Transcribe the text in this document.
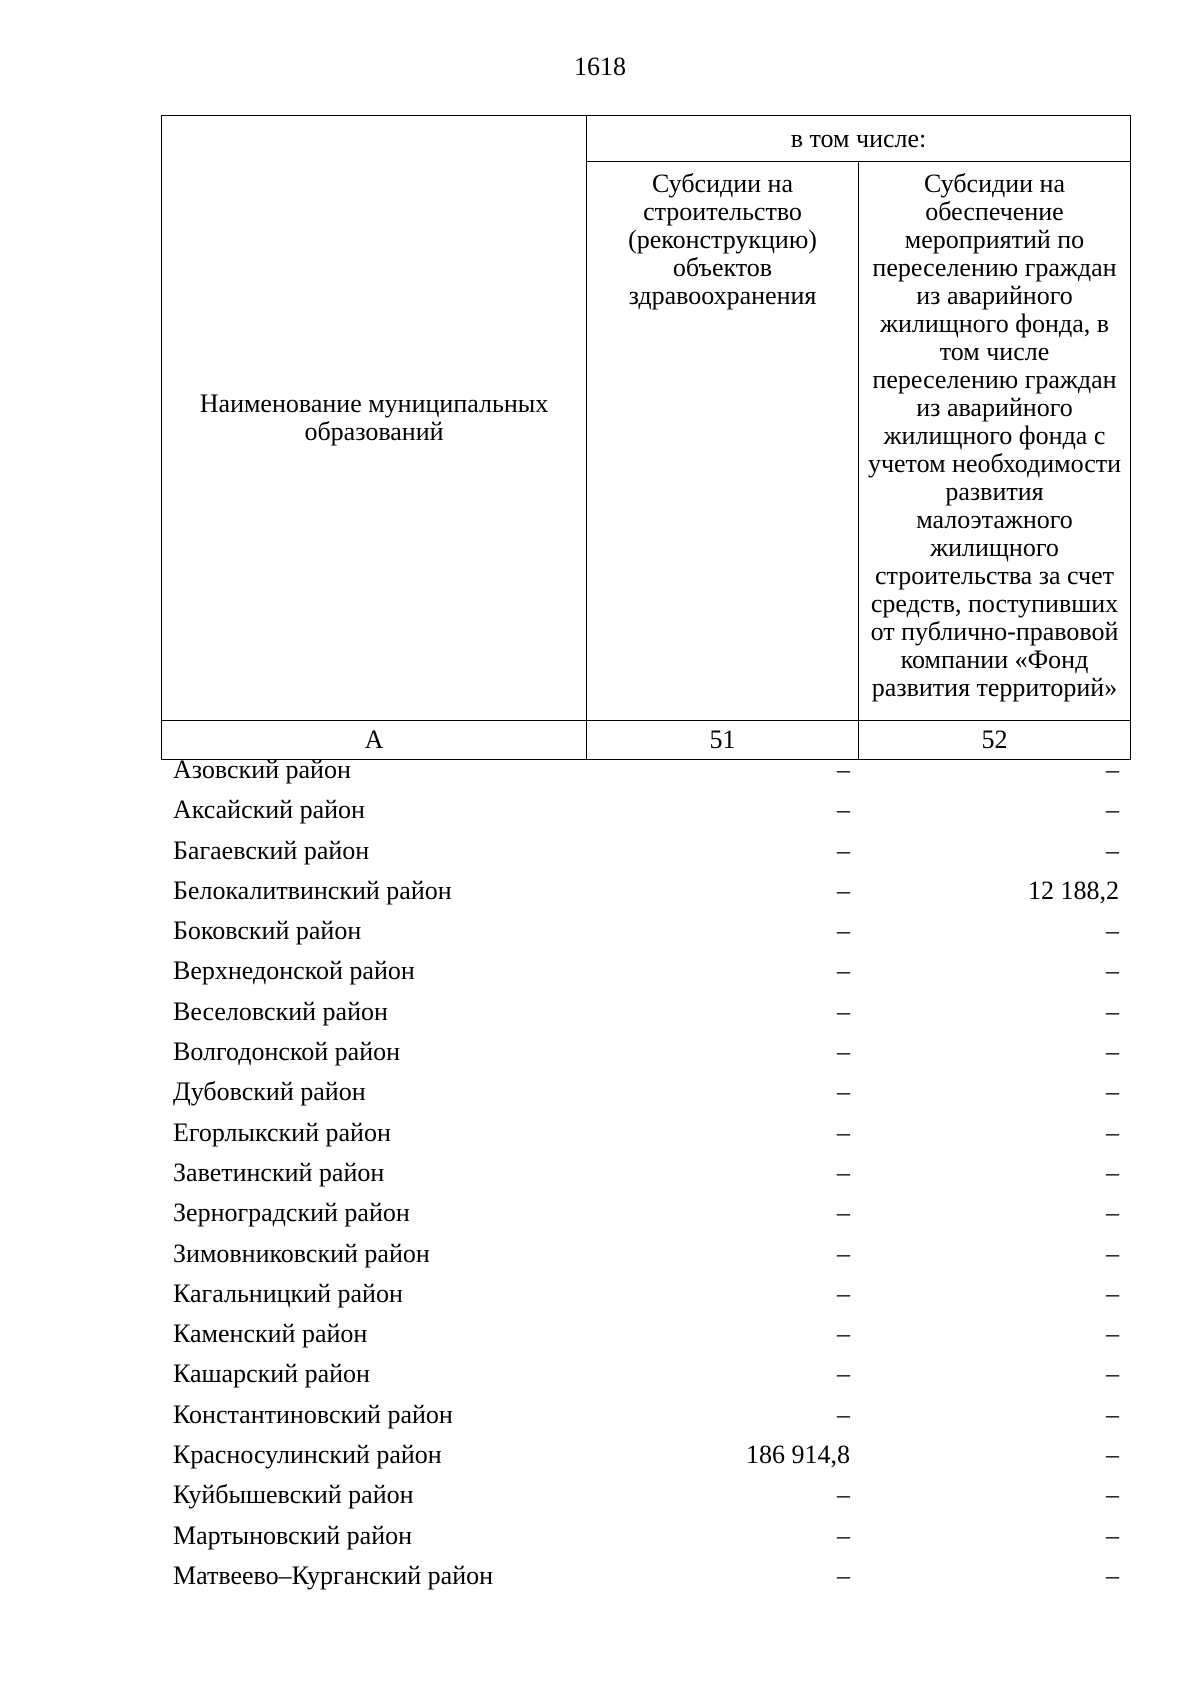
1618
Наименование муниципальных образований	в том числе:	
	Субсидии на строительство (реконструкцию) объектов здравоохранения	Субсидии на обеспечение мероприятий по переселению граждан из аварийного жилищного фонда, в том числе переселению граждан из аварийного жилищного фонда с учетом необходимости развития малоэтажного жилищного строительства за счет средств, поступивших от публично-правовой компании «Фонд развития территорий»
А	51	52
Азовский район	–	–
Аксайский район	–	–
Багаевский район	–	–
Белокалитвинский район	–	12 188,2
Боковский район	–	–
Верхнедонской район	–	–
Веселовский район	–	–
Волгодонской район	–	–
Дубовский район	–	–
Егорлыкский район	–	–
Заветинский район	–	–
Зерноградский район	–	–
Зимовниковский район	–	–
Кагальницкий район	–	–
Каменский район	–	–
Кашарский район	–	–
Константиновский район	–	–
Красносулинский район	186 914,8	–
Куйбышевский район	–	–
Мартыновский район	–	–
Матвеево–Курганский район	–	–
